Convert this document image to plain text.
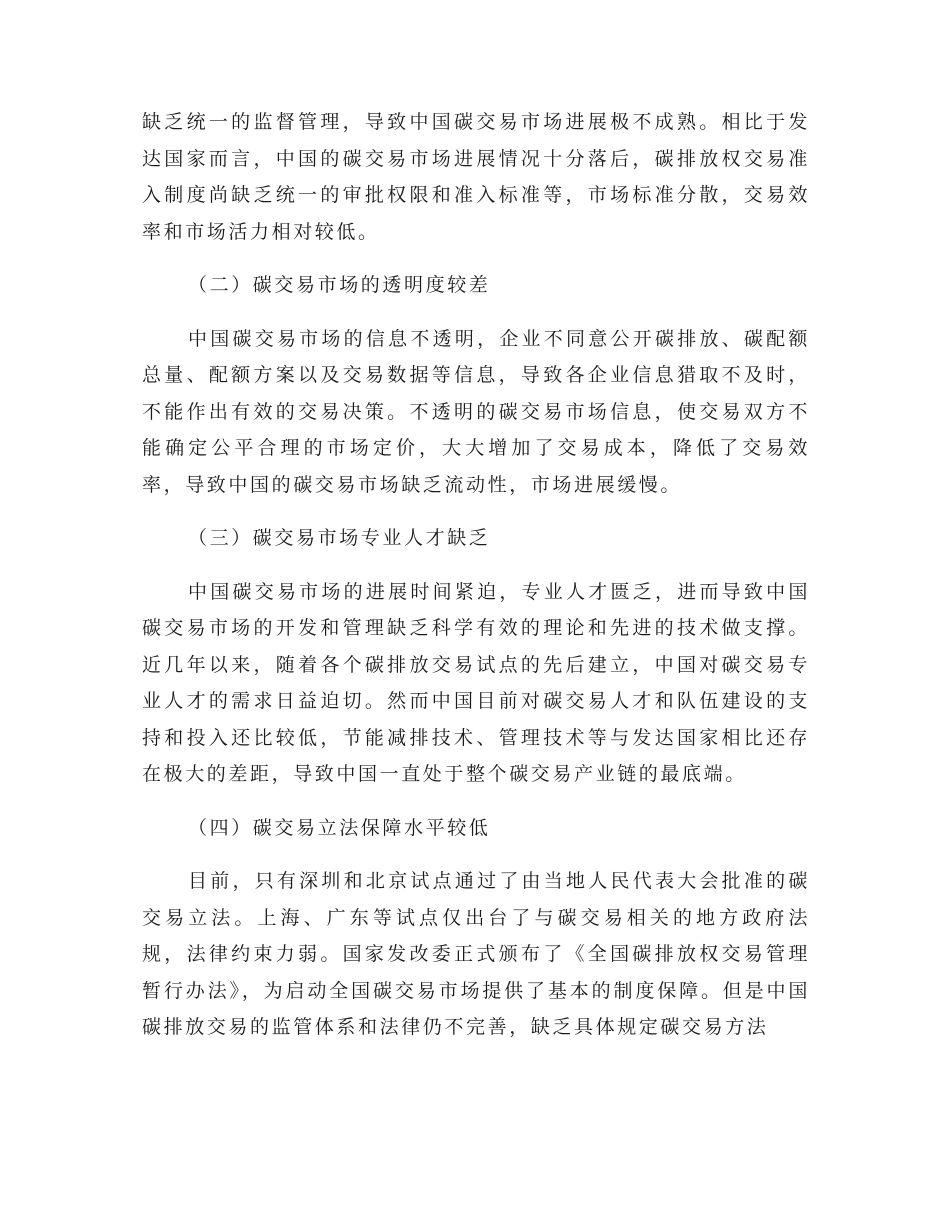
缺乏统一的监督管理，导致中国碳交易市场进展极不成熟。相比于发达国家而言，中国的碳交易市场进展情况十分落后，碳排放权交易准入制度尚缺乏统一的审批权限和准入标准等，市场标准分散，交易效率和市场活力相对较低。

（二）碳交易市场的透明度较差

中国碳交易市场的信息不透明，企业不同意公开碳排放、碳配额总量、配额方案以及交易数据等信息，导致各企业信息猎取不及时，不能作出有效的交易决策。不透明的碳交易市场信息，使交易双方不能确定公平合理的市场定价，大大增加了交易成本，降低了交易效率，导致中国的碳交易市场缺乏流动性，市场进展缓慢。

（三）碳交易市场专业人才缺乏

中国碳交易市场的进展时间紧迫，专业人才匮乏，进而导致中国碳交易市场的开发和管理缺乏科学有效的理论和先进的技术做支撑。近几年以来，随着各个碳排放交易试点的先后建立，中国对碳交易专业人才的需求日益迫切。然而中国目前对碳交易人才和队伍建设的支持和投入还比较低，节能减排技术、管理技术等与发达国家相比还存在极大的差距，导致中国一直处于整个碳交易产业链的最底端。

（四）碳交易立法保障水平较低

目前，只有深圳和北京试点通过了由当地人民代表大会批准的碳交易立法。上海、广东等试点仅出台了与碳交易相关的地方政府法规，法律约束力弱。国家发改委正式颁布了《全国碳排放权交易管理暂行办法》，为启动全国碳交易市场提供了基本的制度保障。但是中国碳排放交易的监管体系和法律仍不完善，缺乏具体规定碳交易方法
